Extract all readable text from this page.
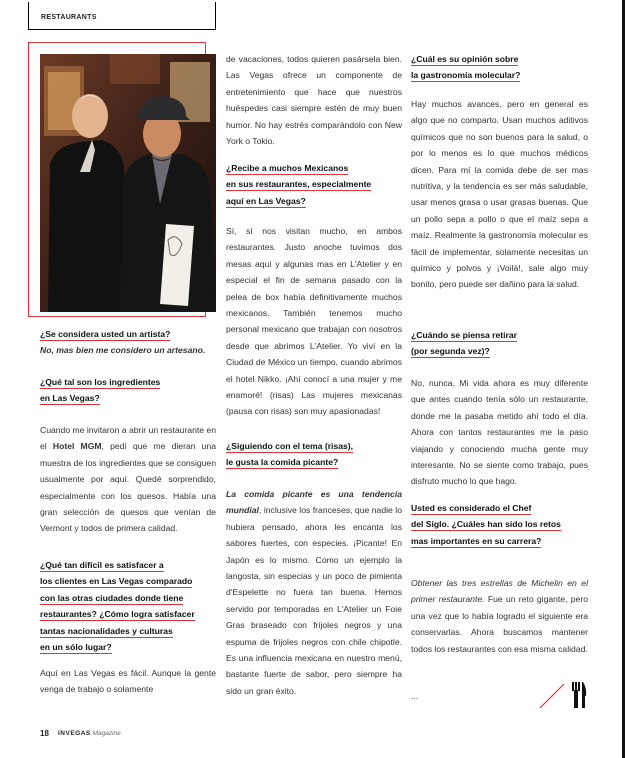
RESTAURANTS
¿Se considera usted un artista?
No, mas bien me considero un artesano.
¿Qué tal son los ingredientes
en Las Vegas?

Cuando me invitaron a abrir un restaurante en el Hotel MGM, pedí que me dieran una muestra de los ingredientes que se consiguen usualmente por aquí. Quedé sorprendido, especialmente con los quesos. Había una gran selección de quesos que venían de Vermont y todos de primera calidad.

¿Qué tan difícil es satisfacer a
los clientes en Las Vegas comparado
con las otras ciudades donde tiene
restaurantes? ¿Cómo logra satisfacer
tantas nacionalidades y culturas
en un sólo lugar?

Aquí en Las Vegas es fácil. Aunque la gente venga de trabajo o solamente

de vacaciones, todos quieren pasársela bien. Las Vegas ofrece un componente de entretenimiento que hace que nuestros huéspedes casi siempre estén de muy buen humor. No hay estrés comparándolo con New York o Tokio.

¿Recibe a muchos Mexicanos
en sus restaurantes, especialmente
aquí en Las Vegas?

Sí, sí nos visitan mucho, en ambos restaurantes. Justo anoche tuvimos dos mesas aquí y algunas mas en L'Atelier y en especial el fin de semana pasado con la pelea de box había definitivamente muchos mexicanos. También tenemos mucho personal mexicano que trabajan con nosotros desde que abrimos L'Atelier. Yo viví en la Ciudad de México un tiempo, cuando abrimos el hotel Nikko. ¡Ahí conocí a una mujer y me enamoré! (risas) Las mujeres mexicanas (pausa con risas) son muy apasionadas!

¿Siguiendo con el tema (risas),
le gusta la comida picante?

La comida picante es una tendencia mundial, inclusive los franceses, que nadie lo hubiera pensado, ahora les encanta los sabores fuertes, con especies. ¡Picante! En Japón es lo mismo. Como un ejemplo la langosta, sin especias y un poco de pimienta d'Espelette no fuera tan buena. Hemos servido por temporadas en L'Atelier un Foie Gras braseado con frijoles negros y una espuma de frijoles negros con chile chipotle. Es una influencia mexicana en nuestro menú, bastante fuerte de sabor, pero siempre ha sido un gran éxito.

¿Cuál es su opinión sobre
la gastronomía molecular?

Hay muchos avances, pero en general es algo que no comparto. Usan muchos aditivos químicos que no son buenos para la salud, o por lo menos es lo que muchos médicos dicen. Para mí la comida debe de ser mas nutritiva, y la tendencia es ser más saludable, usar menos grasa o usar grasas buenas. Que un pollo sepa a pollo o que el maíz sepa a maíz. Realmente la gastronomía molecular es fácil de implementar, solamente necesitas un químico y polvos y ¡Voilà!, sale algo muy bonito, pero puede ser dañino para la salud.

¿Cuándo se piensa retirar
(por segunda vez)?

No, nunca. Mi vida ahora es muy diferente que antes cuando tenía sólo un restaurante, donde me la pasaba metido ahí todo el día. Ahora con tantos restaurantes me la paso viajando y conociendo mucha gente muy interesante. No se siente como trabajo, pues disfruto mucho lo que hago.

Usted es considerado el Chef
del Siglo. ¿Cuáles han sido los retos
mas importantes en su carrera?

Obtener las tres estrellas de Michelin en el primer restaurante. Fue un reto gigante, pero una vez que lo había logrado el siguiente era conservarlas. Ahora buscamos mantener todos los restaurantes con esa misma calidad.

...
18 INVEGAS Magazine
